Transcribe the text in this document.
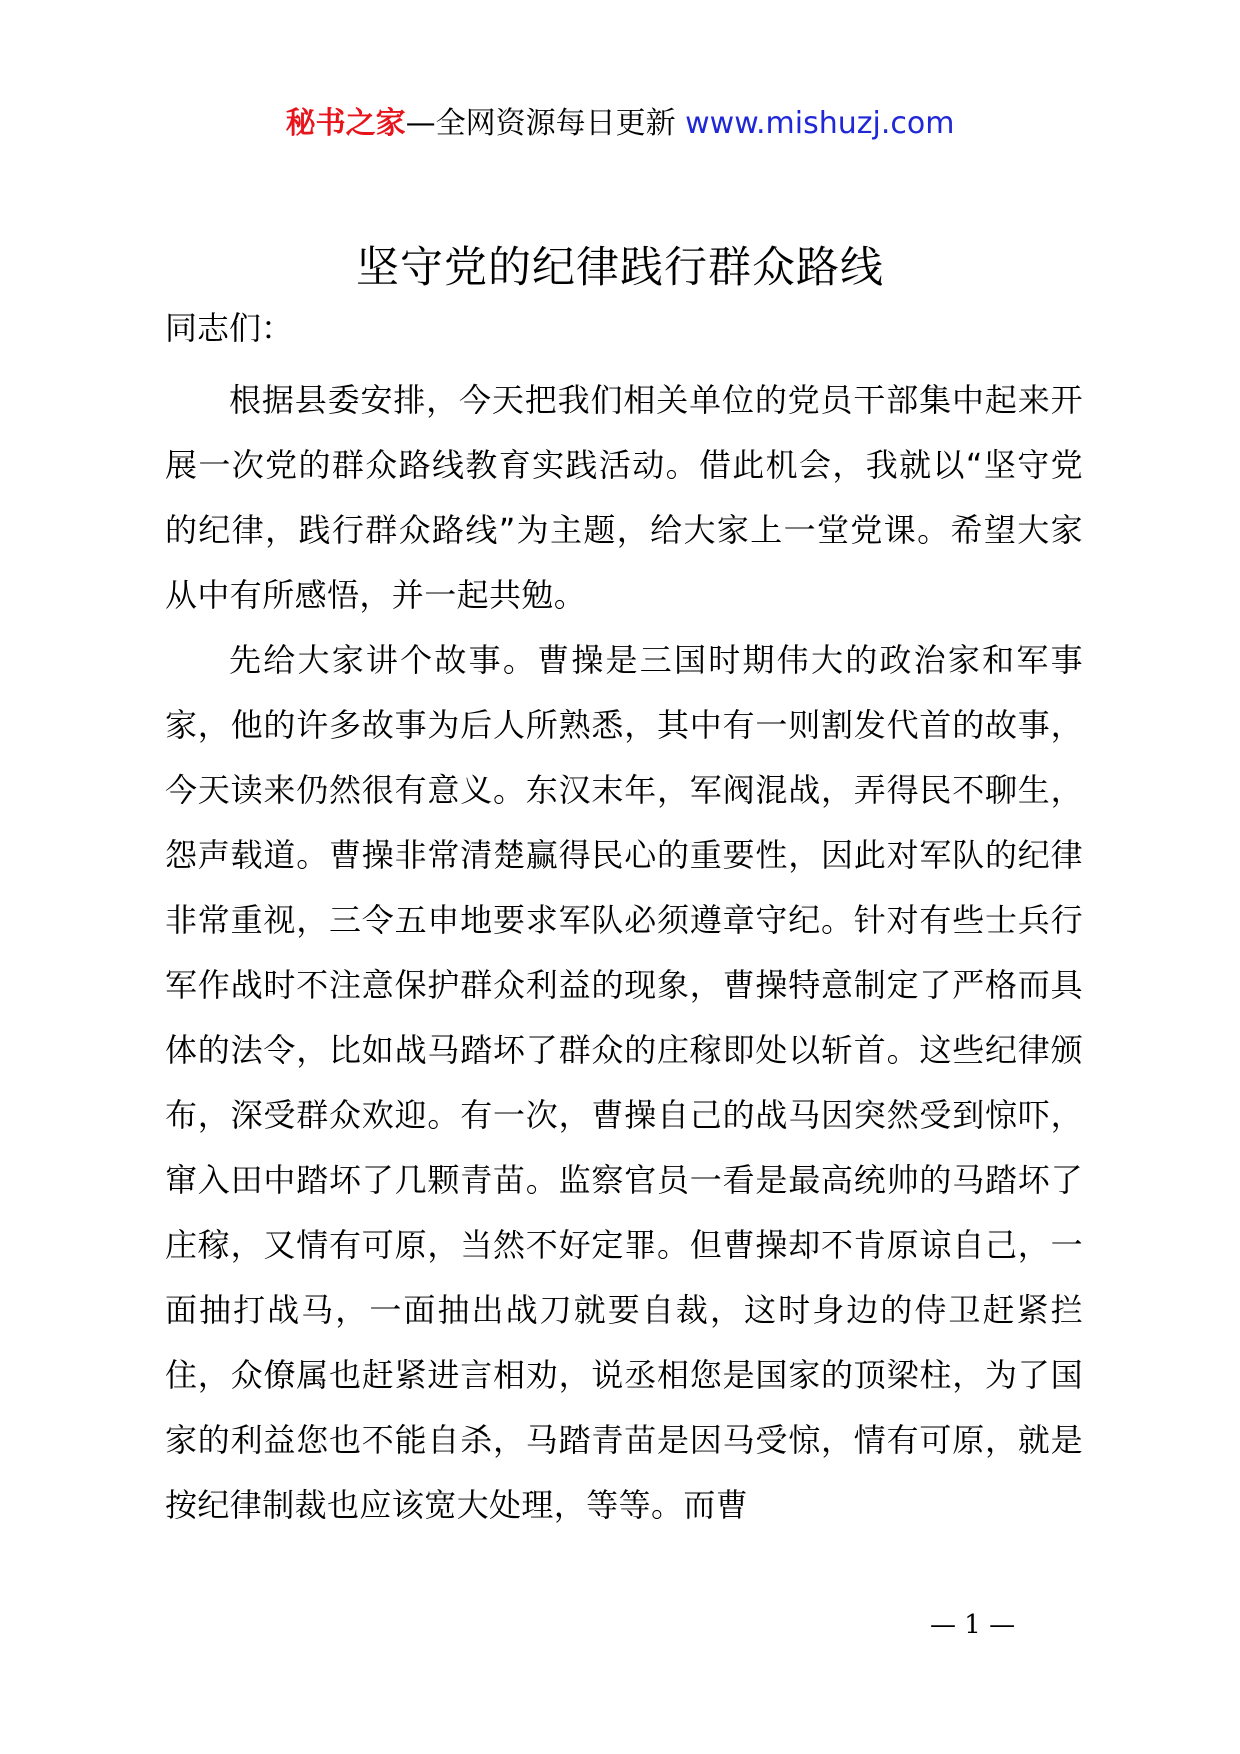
秘书之家—全网资源每日更新 www.mishuzj.com
坚守党的纪律践行群众路线
同志们：

根据县委安排，今天把我们相关单位的党员干部集中起来开展一次党的群众路线教育实践活动。借此机会，我就以“坚守党的纪律，践行群众路线”为主题，给大家上一堂党课。希望大家从中有所感悟，并一起共勉。

先给大家讲个故事。曹操是三国时期伟大的政治家和军事家，他的许多故事为后人所熟悉，其中有一则割发代首的故事，今天读来仍然很有意义。东汉末年，军阀混战，弄得民不聊生，怨声载道。曹操非常清楚赢得民心的重要性，因此对军队的纪律非常重视，三令五申地要求军队必须遵章守纪。针对有些士兵行军作战时不注意保护群众利益的现象，曹操特意制定了严格而具体的法令，比如战马踏坏了群众的庄稼即处以斩首。这些纪律颁布，深受群众欢迎。有一次，曹操自己的战马因突然受到惊吓，窜入田中踏坏了几颗青苗。监察官员一看是最高统帅的马踏坏了庄稼，又情有可原，当然不好定罪。但曹操却不肯原谅自己，一面抽打战马，一面抽出战刀就要自裁，这时身边的侍卫赶紧拦住，众僚属也赶紧进言相劝，说丞相您是国家的顶梁柱，为了国家的利益您也不能自杀，马踏青苗是因马受惊，情有可原，就是按纪律制裁也应该宽大处理，等等。而曹

— 1 —
